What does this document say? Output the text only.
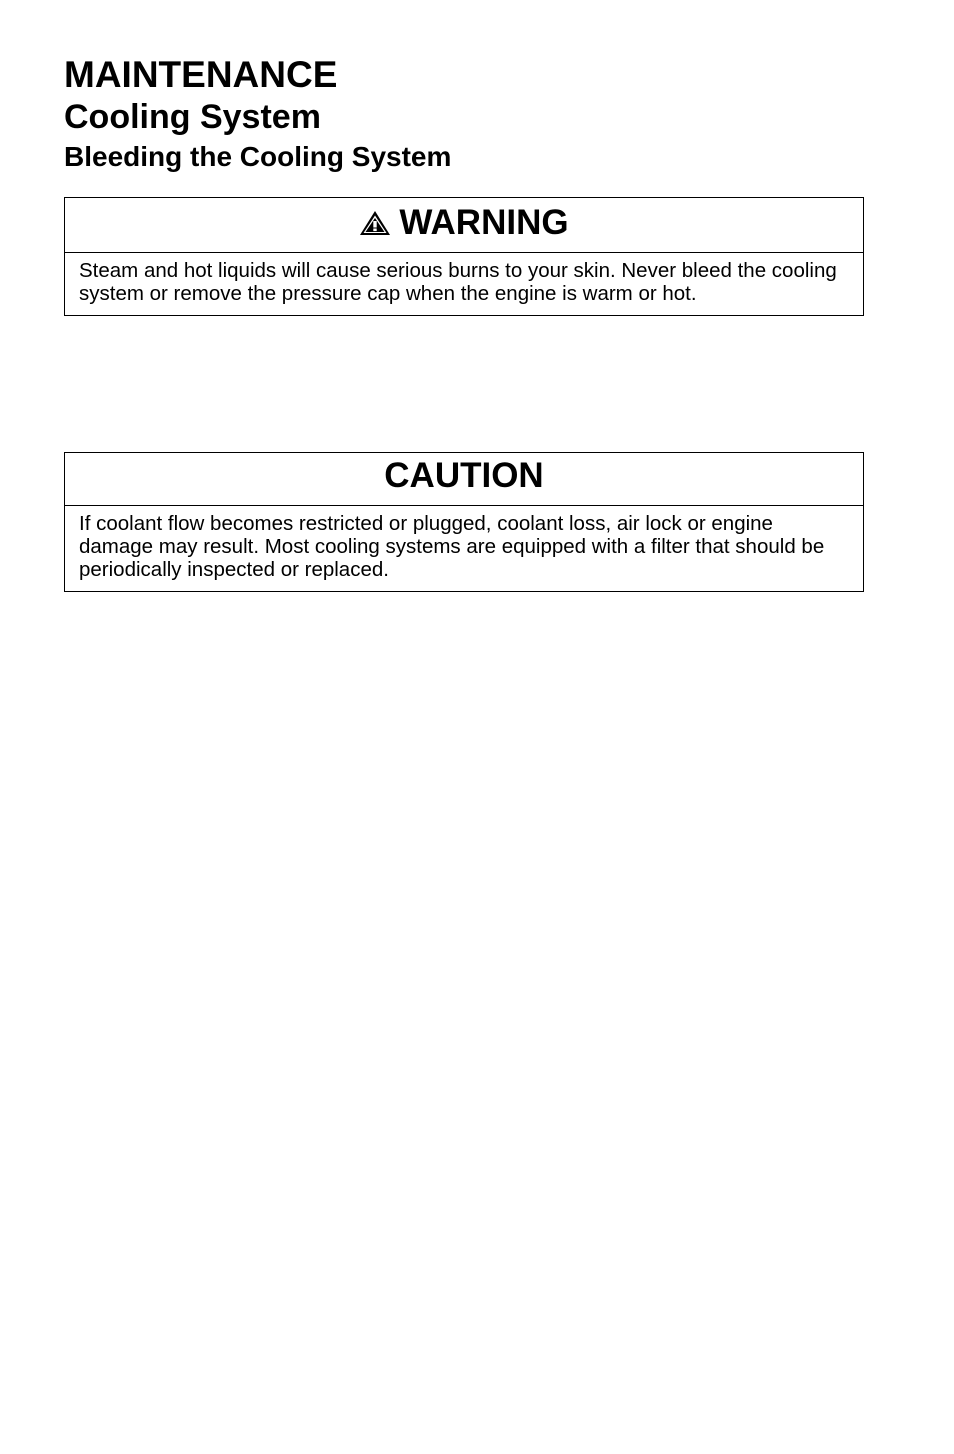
MAINTENANCE
Cooling System
Bleeding the Cooling System
WARNING
Steam and hot liquids will cause serious burns to your skin. Never bleed the cooling system or remove the pressure cap when the engine is warm or hot.
CAUTION
If coolant flow becomes restricted or plugged, coolant loss, air lock or engine damage may result. Most cooling systems are equipped with a filter that should be periodically inspected or replaced.
